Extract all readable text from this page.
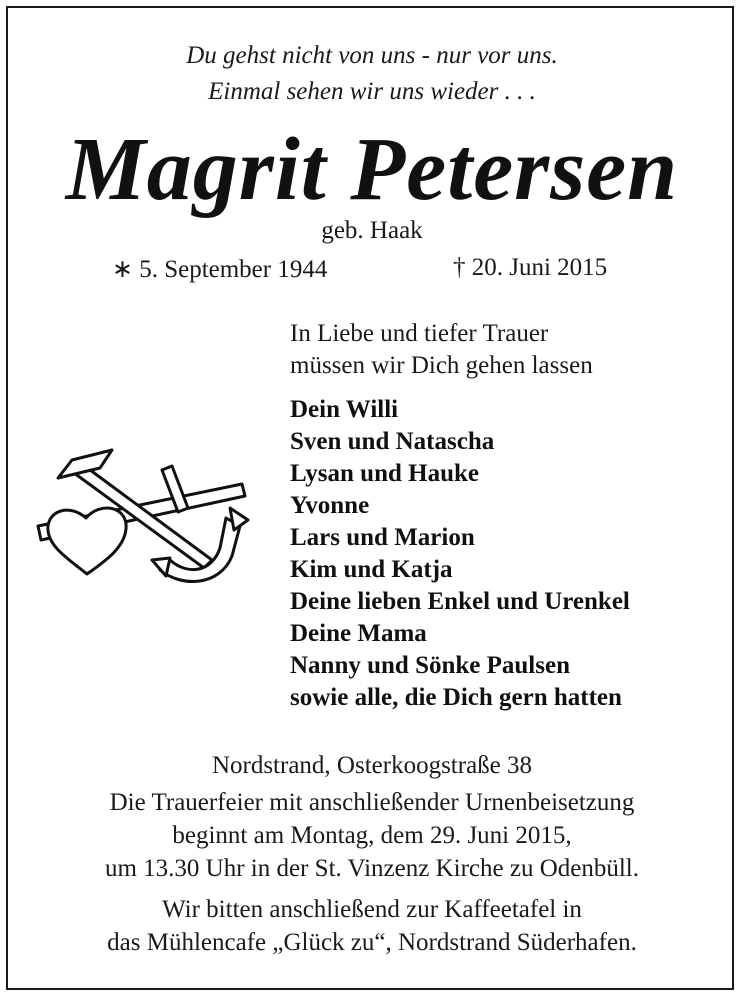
Du gehst nicht von uns - nur vor uns.
Einmal sehen wir uns wieder . . .
Magrit Petersen
geb. Haak
∗ 5. September 1944	† 20. Juni 2015
In Liebe und tiefer Trauer
müssen wir Dich gehen lassen
Dein Willi
Sven und Natascha
Lysan und Hauke
Yvonne
Lars und Marion
Kim und Katja
Deine lieben Enkel und Urenkel
Deine Mama
Nanny und Sönke Paulsen
sowie alle, die Dich gern hatten
Nordstrand, Osterkoogstraße 38
Die Trauerfeier mit anschließender Urnenbeisetzung
beginnt am Montag, dem 29. Juni 2015,
um 13.30 Uhr in der St. Vinzenz Kirche zu Odenbüll.
Wir bitten anschließend zur Kaffeetafel in
das Mühlencafe „Glück zu“, Nordstrand Süderhafen.
